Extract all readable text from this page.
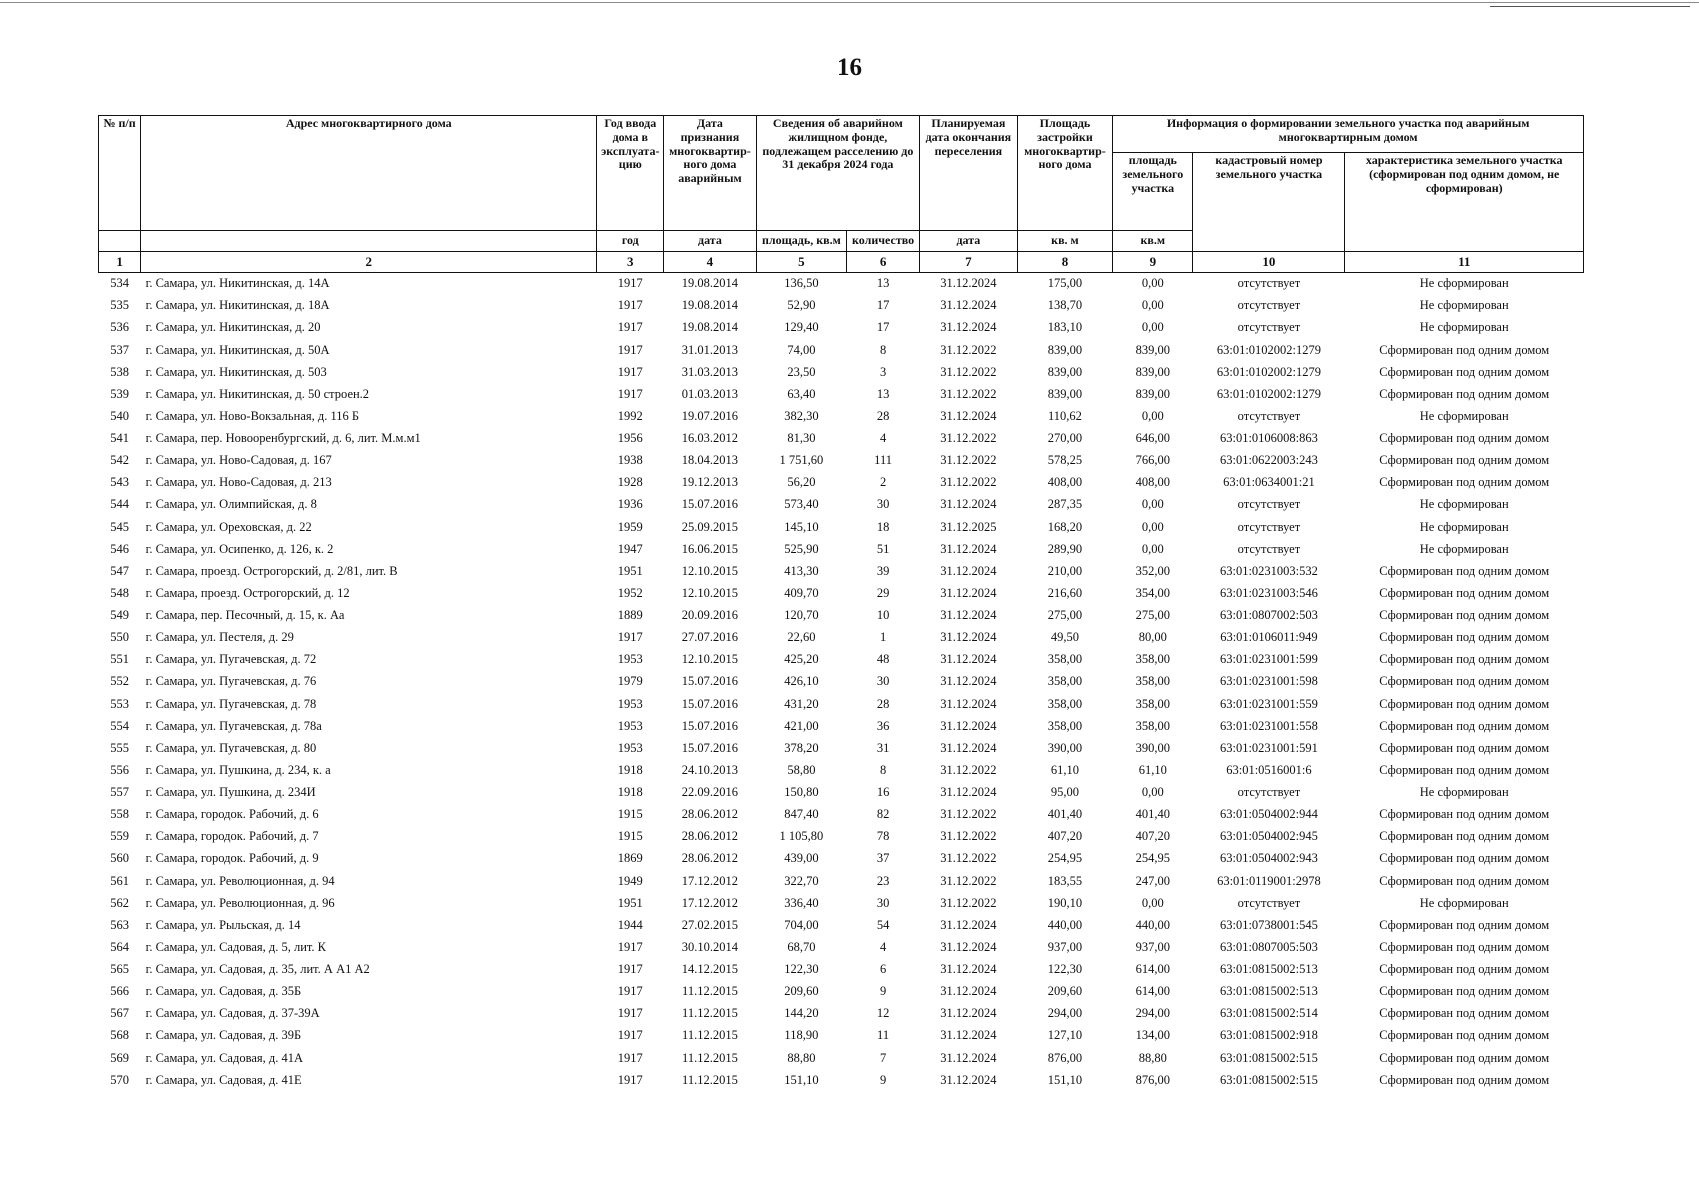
16
№ п/п	Адрес многоквартирного дома	Год ввода дома в эксплуата-цию	Дата признания многоквартир-ного дома аварийным	Сведения об аварийном жилищном фонде, подлежащем расселению до 31 декабря 2024 года		Планируемая дата окончания переселения	Площадь застройки многоквартир-ного дома	Информация о формировании земельного участка под аварийным многоквартирным домом		
								площадь земельного участка	кадастровый номер земельного участка	характеристика земельного участка (сформирован под одним домом, не сформирован)

		год	дата	площадь, кв.м	количество	дата	кв. м	кв.м		
1	2	3	4	5	6	7	8	9	10	11
534	г. Самара, ул. Никитинская, д. 14А	1917	19.08.2014	136,50	13	31.12.2024	175,00	0,00	отсутствует	Не сформирован
535	г. Самара, ул. Никитинская, д. 18А	1917	19.08.2014	52,90	17	31.12.2024	138,70	0,00	отсутствует	Не сформирован
536	г. Самара, ул. Никитинская, д. 20	1917	19.08.2014	129,40	17	31.12.2024	183,10	0,00	отсутствует	Не сформирован
537	г. Самара, ул. Никитинская, д. 50А	1917	31.01.2013	74,00	8	31.12.2022	839,00	839,00	63:01:0102002:1279	Сформирован под одним домом
538	г. Самара, ул. Никитинская, д. 503	1917	31.03.2013	23,50	3	31.12.2022	839,00	839,00	63:01:0102002:1279	Сформирован под одним домом
539	г. Самара, ул. Никитинская, д. 50 строен.2	1917	01.03.2013	63,40	13	31.12.2022	839,00	839,00	63:01:0102002:1279	Сформирован под одним домом
540	г. Самара, ул. Ново-Вокзальная, д. 116 Б	1992	19.07.2016	382,30	28	31.12.2024	110,62	0,00	отсутствует	Не сформирован
541	г. Самара, пер. Новооренбургский, д. 6, лит. М.м.м1	1956	16.03.2012	81,30	4	31.12.2022	270,00	646,00	63:01:0106008:863	Сформирован под одним домом
542	г. Самара, ул. Ново-Садовая, д. 167	1938	18.04.2013	1 751,60	111	31.12.2022	578,25	766,00	63:01:0622003:243	Сформирован под одним домом
543	г. Самара, ул. Ново-Садовая, д. 213	1928	19.12.2013	56,20	2	31.12.2022	408,00	408,00	63:01:0634001:21	Сформирован под одним домом
544	г. Самара, ул. Олимпийская, д. 8	1936	15.07.2016	573,40	30	31.12.2024	287,35	0,00	отсутствует	Не сформирован
545	г. Самара, ул. Ореховская, д. 22	1959	25.09.2015	145,10	18	31.12.2025	168,20	0,00	отсутствует	Не сформирован
546	г. Самара, ул. Осипенко, д. 126, к. 2	1947	16.06.2015	525,90	51	31.12.2024	289,90	0,00	отсутствует	Не сформирован
547	г. Самара, проезд. Острогорский, д. 2/81, лит. В	1951	12.10.2015	413,30	39	31.12.2024	210,00	352,00	63:01:0231003:532	Сформирован под одним домом
548	г. Самара, проезд. Острогорский, д. 12	1952	12.10.2015	409,70	29	31.12.2024	216,60	354,00	63:01:0231003:546	Сформирован под одним домом
549	г. Самара, пер. Песочный, д. 15, к. Аа	1889	20.09.2016	120,70	10	31.12.2024	275,00	275,00	63:01:0807002:503	Сформирован под одним домом
550	г. Самара, ул. Пестеля, д. 29	1917	27.07.2016	22,60	1	31.12.2024	49,50	80,00	63:01:0106011:949	Сформирован под одним домом
551	г. Самара, ул. Пугачевская, д. 72	1953	12.10.2015	425,20	48	31.12.2024	358,00	358,00	63:01:0231001:599	Сформирован под одним домом
552	г. Самара, ул. Пугачевская, д. 76	1979	15.07.2016	426,10	30	31.12.2024	358,00	358,00	63:01:0231001:598	Сформирован под одним домом
553	г. Самара, ул. Пугачевская, д. 78	1953	15.07.2016	431,20	28	31.12.2024	358,00	358,00	63:01:0231001:559	Сформирован под одним домом
554	г. Самара, ул. Пугачевская, д. 78а	1953	15.07.2016	421,00	36	31.12.2024	358,00	358,00	63:01:0231001:558	Сформирован под одним домом
555	г. Самара, ул. Пугачевская, д. 80	1953	15.07.2016	378,20	31	31.12.2024	390,00	390,00	63:01:0231001:591	Сформирован под одним домом
556	г. Самара, ул. Пушкина, д. 234, к. а	1918	24.10.2013	58,80	8	31.12.2022	61,10	61,10	63:01:0516001:6	Сформирован под одним домом
557	г. Самара, ул. Пушкина, д. 234И	1918	22.09.2016	150,80	16	31.12.2024	95,00	0,00	отсутствует	Не сформирован
558	г. Самара, городок. Рабочий, д. 6	1915	28.06.2012	847,40	82	31.12.2022	401,40	401,40	63:01:0504002:944	Сформирован под одним домом
559	г. Самара, городок. Рабочий, д. 7	1915	28.06.2012	1 105,80	78	31.12.2022	407,20	407,20	63:01:0504002:945	Сформирован под одним домом
560	г. Самара, городок. Рабочий, д. 9	1869	28.06.2012	439,00	37	31.12.2022	254,95	254,95	63:01:0504002:943	Сформирован под одним домом
561	г. Самара, ул. Революционная, д. 94	1949	17.12.2012	322,70	23	31.12.2022	183,55	247,00	63:01:0119001:2978	Сформирован под одним домом
562	г. Самара, ул. Революционная, д. 96	1951	17.12.2012	336,40	30	31.12.2022	190,10	0,00	отсутствует	Не сформирован
563	г. Самара, ул. Рыльская, д. 14	1944	27.02.2015	704,00	54	31.12.2024	440,00	440,00	63:01:0738001:545	Сформирован под одним домом
564	г. Самара, ул. Садовая, д. 5, лит. К	1917	30.10.2014	68,70	4	31.12.2024	937,00	937,00	63:01:0807005:503	Сформирован под одним домом
565	г. Самара, ул. Садовая, д. 35, лит. А А1 А2	1917	14.12.2015	122,30	6	31.12.2024	122,30	614,00	63:01:0815002:513	Сформирован под одним домом
566	г. Самара, ул. Садовая, д. 35Б	1917	11.12.2015	209,60	9	31.12.2024	209,60	614,00	63:01:0815002:513	Сформирован под одним домом
567	г. Самара, ул. Садовая, д. 37-39А	1917	11.12.2015	144,20	12	31.12.2024	294,00	294,00	63:01:0815002:514	Сформирован под одним домом
568	г. Самара, ул. Садовая, д. 39Б	1917	11.12.2015	118,90	11	31.12.2024	127,10	134,00	63:01:0815002:918	Сформирован под одним домом
569	г. Самара, ул. Садовая, д. 41А	1917	11.12.2015	88,80	7	31.12.2024	876,00	88,80	63:01:0815002:515	Сформирован под одним домом
570	г. Самара, ул. Садовая, д. 41Е	1917	11.12.2015	151,10	9	31.12.2024	151,10	876,00	63:01:0815002:515	Сформирован под одним домом
